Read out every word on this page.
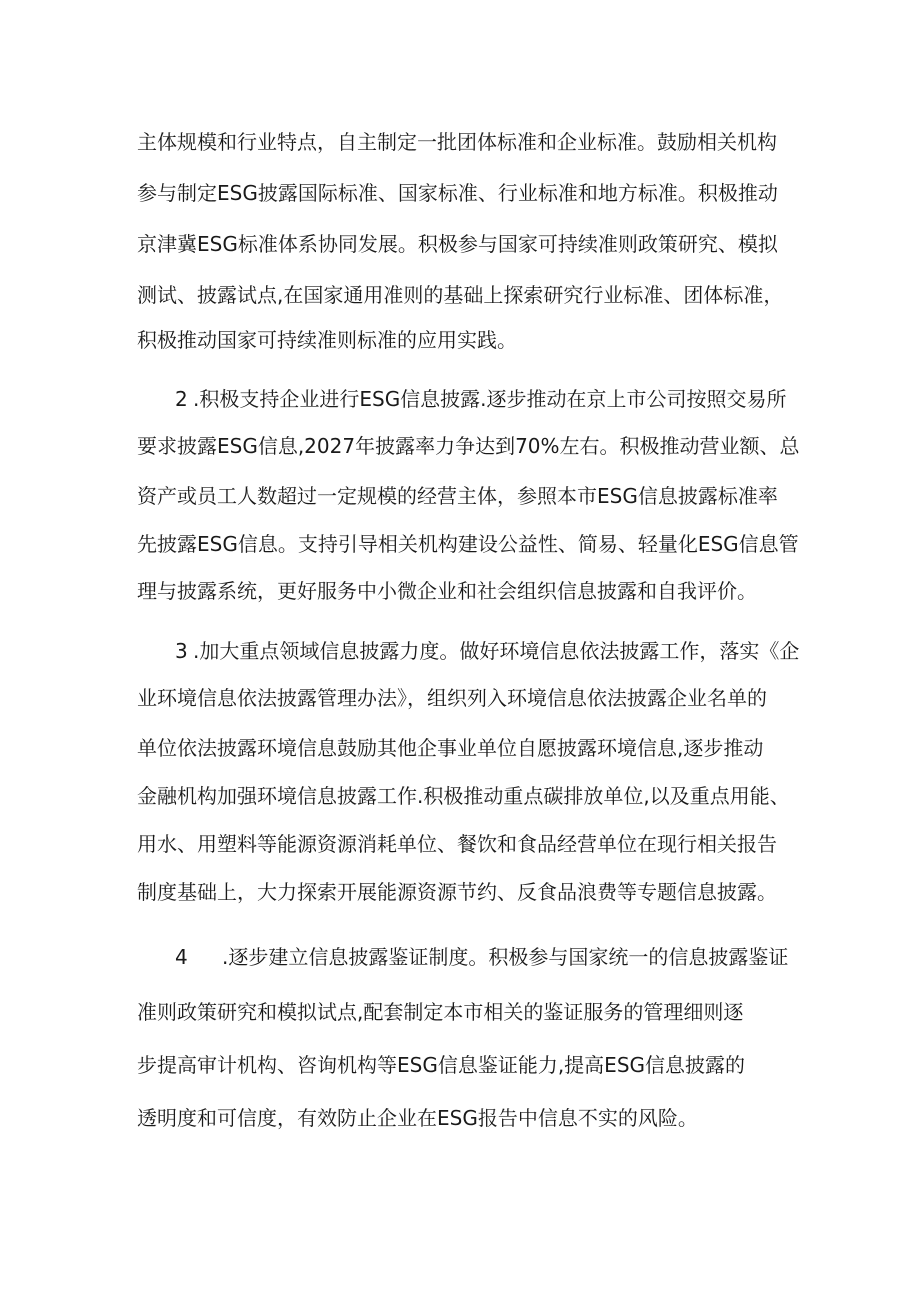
主体规模和行业特点，自主制定一批团体标准和企业标准。鼓励相关机构
参与制定ESG披露国际标准、国家标准、行业标准和地方标准。积极推动
京津冀ESG标准体系协同发展。积极参与国家可持续准则政策研究、模拟
测试、披露试点,在国家通用准则的基础上探索研究行业标准、团体标准，
积极推动国家可持续准则标准的应用实践。
2 .积极支持企业进行ESG信息披露.逐步推动在京上市公司按照交易所
要求披露ESG信息,2027年披露率力争达到70%左右。积极推动营业额、总
资产或员工人数超过一定规模的经营主体，参照本市ESG信息披露标准率
先披露ESG信息。支持引导相关机构建设公益性、简易、轻量化ESG信息管
理与披露系统，更好服务中小微企业和社会组织信息披露和自我评价。
3 .加大重点领域信息披露力度。做好环境信息依法披露工作，落实《企
业环境信息依法披露管理办法》，组织列入环境信息依法披露企业名单的
单位依法披露环境信息鼓励其他企事业单位自愿披露环境信息,逐步推动
金融机构加强环境信息披露工作.积极推动重点碳排放单位,以及重点用能、
用水、用塑料等能源资源消耗单位、餐饮和食品经营单位在现行相关报告
制度基础上，大力探索开展能源资源节约、反食品浪费等专题信息披露。
4 .逐步建立信息披露鉴证制度。积极参与国家统一的信息披露鉴证
准则政策研究和模拟试点,配套制定本市相关的鉴证服务的管理细则逐
步提高审计机构、咨询机构等ESG信息鉴证能力,提高ESG信息披露的
透明度和可信度，有效防止企业在ESG报告中信息不实的风险。
